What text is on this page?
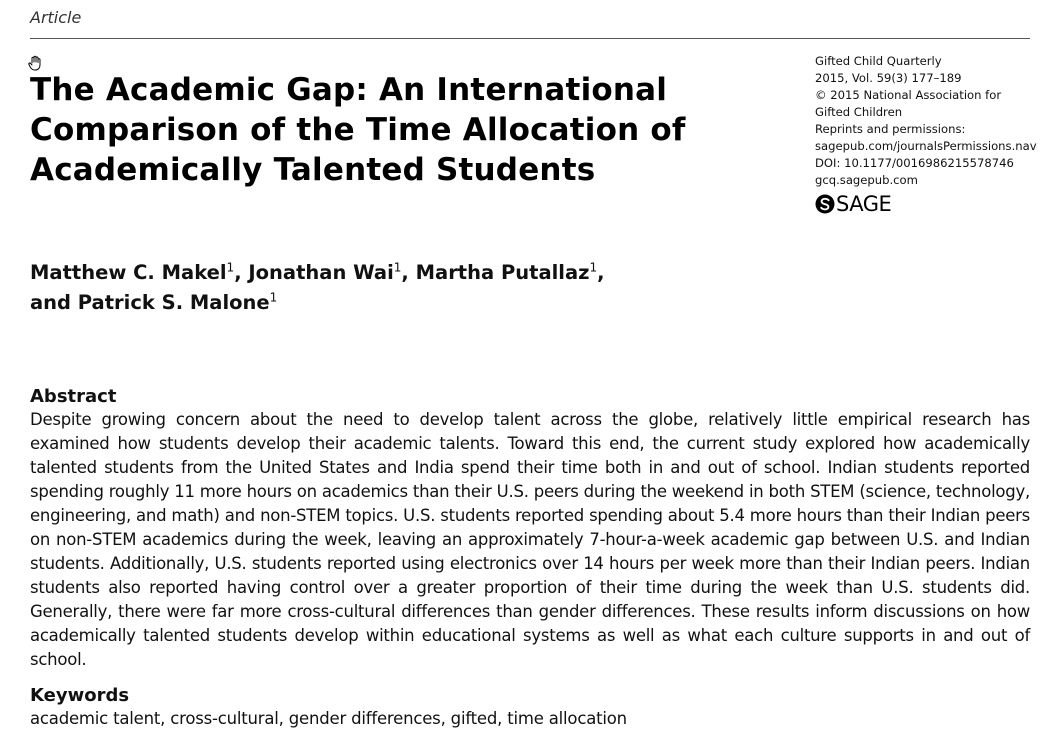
Article
The Academic Gap: An International Comparison of the Time Allocation of Academically Talented Students
Gifted Child Quarterly
2015, Vol. 59(3) 177–189
© 2015 National Association for
Gifted Children
Reprints and permissions:
sagepub.com/journalsPermissions.nav
DOI: 10.1177/0016986215578746
gcq.sagepub.com
SAGE
Matthew C. Makel$^1$, Jonathan Wai$^1$, Martha Putallaz$^1$,
and Patrick S. Malone$^1$
Abstract
Despite growing concern about the need to develop talent across the globe, relatively little empirical research has examined how students develop their academic talents. Toward this end, the current study explored how academically talented students from the United States and India spend their time both in and out of school. Indian students reported spending roughly 11 more hours on academics than their U.S. peers during the weekend in both STEM (science, technology, engineering, and math) and non-STEM topics. U.S. students reported spending about 5.4 more hours than their Indian peers on non-STEM academics during the week, leaving an approximately 7-hour-a-week academic gap between U.S. and Indian students. Additionally, U.S. students reported using electronics over 14 hours per week more than their Indian peers. Indian students also reported having control over a greater proportion of their time during the week than U.S. students did. Generally, there were far more cross-cultural differences than gender differences. These results inform discussions on how academically talented students develop within educational systems as well as what each culture supports in and out of school.
Keywords
academic talent, cross-cultural, gender differences, gifted, time allocation
